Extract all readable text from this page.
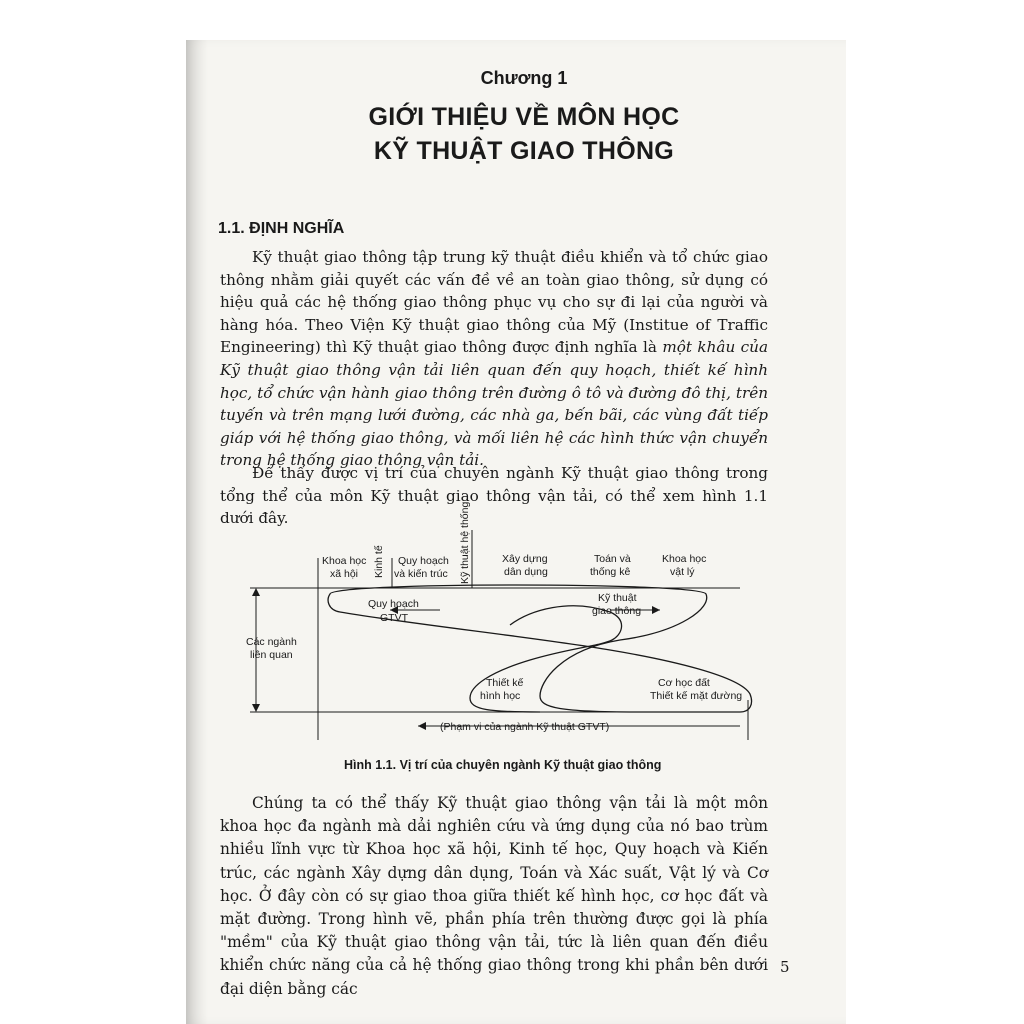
Chương 1
GIỚI THIỆU VỀ MÔN HỌC
KỸ THUẬT GIAO THÔNG
1.1. ĐỊNH NGHĨA

Kỹ thuật giao thông tập trung kỹ thuật điều khiển và tổ chức giao thông nhằm giải quyết các vấn đề về an toàn giao thông, sử dụng có hiệu quả các hệ thống giao thông phục vụ cho sự đi lại của người và hàng hóa. Theo Viện Kỹ thuật giao thông của Mỹ (Institue of Traffic Engineering) thì Kỹ thuật giao thông được định nghĩa là một khâu của Kỹ thuật giao thông vận tải liên quan đến quy hoạch, thiết kế hình học, tổ chức vận hành giao thông trên đường ô tô và đường đô thị, trên tuyến và trên mạng lưới đường, các nhà ga, bến bãi, các vùng đất tiếp giáp với hệ thống giao thông, và mối liên hệ các hình thức vận chuyển trong hệ thống giao thông vận tải.

Để thấy được vị trí của chuyên ngành Kỹ thuật giao thông trong tổng thể của môn Kỹ thuật giao thông vận tải, có thể xem hình 1.1 dưới đây.

Khoa học
xã hội Kinh tế Quy hoạch
và kiến trúc Kỹ thuật hệ thống	Xây dựng
dân dụng
Toán và
thống kê
Khoa học
vật lý
Quy hoạch
GTVT
Kỹ thuật
giao thông
Thiết kế
hình học
Cơ học đất
Thiết kế mặt đường
Các ngành
liên quan
(Phạm vi của ngành Kỹ thuật GTVT)
Hình 1.1. Vị trí của chuyên ngành Kỹ thuật giao thông

Chúng ta có thể thấy Kỹ thuật giao thông vận tải là một môn khoa học đa ngành mà dải nghiên cứu và ứng dụng của nó bao trùm nhiều lĩnh vực từ Khoa học xã hội, Kinh tế học, Quy hoạch và Kiến trúc, các ngành Xây dựng dân dụng, Toán và Xác suất, Vật lý và Cơ học. Ở đây còn có sự giao thoa giữa thiết kế hình học, cơ học đất và mặt đường. Trong hình vẽ, phần phía trên thường được gọi là phía "mềm" của Kỹ thuật giao thông vận tải, tức là liên quan đến điều khiển chức năng của cả hệ thống giao thông trong khi phần bên dưới đại diện bằng các

5
